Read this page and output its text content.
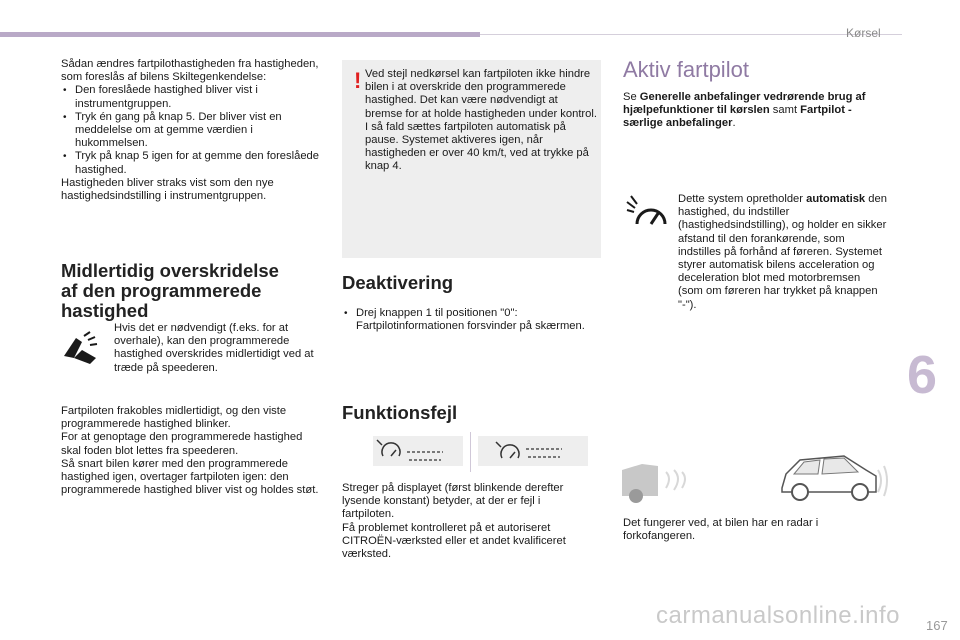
Kørsel

Sådan ændres fartpilothastigheden fra hastigheden, som foreslås af bilens Skiltegenkendelse:

• Den foreslåede hastighed bliver vist i instrumentgruppen.

• Tryk én gang på knap 5. Der bliver vist en meddelelse om at gemme værdien i hukommelsen.

• Tryk på knap 5 igen for at gemme den foreslåede hastighed.

Hastigheden bliver straks vist som den nye hastighedsindstilling i instrumentgruppen.

Midlertidig overskridelse
af den programmerede
hastighed

Hvis det er nødvendigt (f.eks. for at overhale), kan den programmerede hastighed overskrides midlertidigt ved at træde på speederen.

Fartpiloten frakobles midlertidigt, og den viste programmerede hastighed blinker.

For at genoptage den programmerede hastighed skal foden blot lettes fra speederen.

Så snart bilen kører med den programmerede hastighed igen, overtager fartpiloten igen: den programmerede hastighed bliver vist og holdes støt.

! Ved stejl nedkørsel kan fartpiloten ikke hindre bilen i at overskride den programmerede hastighed. Det kan være nødvendigt at bremse for at holde hastigheden under kontrol. I så fald sættes fartpiloten automatisk på pause. Systemet aktiveres igen, når hastigheden er over 40 km/t, ved at trykke på knap 4.
Deaktivering

• Drej knappen 1 til positionen "0": Fartpilotinformationen forsvinder på skærmen.

Funktionsfejl

Streger på displayet (først blinkende derefter lysende konstant) betyder, at der er fejl i fartpiloten.

Få problemet kontrolleret på et autoriseret CITROËN-værksted eller et andet kvalificeret værksted.

Aktiv fartpilot

Se Generelle anbefalinger vedrørende brug af hjælpefunktioner til kørslen samt Fartpilot - særlige anbefalinger.

Dette system opretholder automatisk den hastighed, du indstiller (hastighedsindstilling), og holder en sikker afstand til den forankørende, som indstilles på forhånd af føreren. Systemet styrer automatisk bilens acceleration og deceleration blot med motorbremsen (som om føreren har trykket på knappen "-").

Det fungerer ved, at bilen har en radar i forkofangeren.

6
carmanualsonline.info 167
